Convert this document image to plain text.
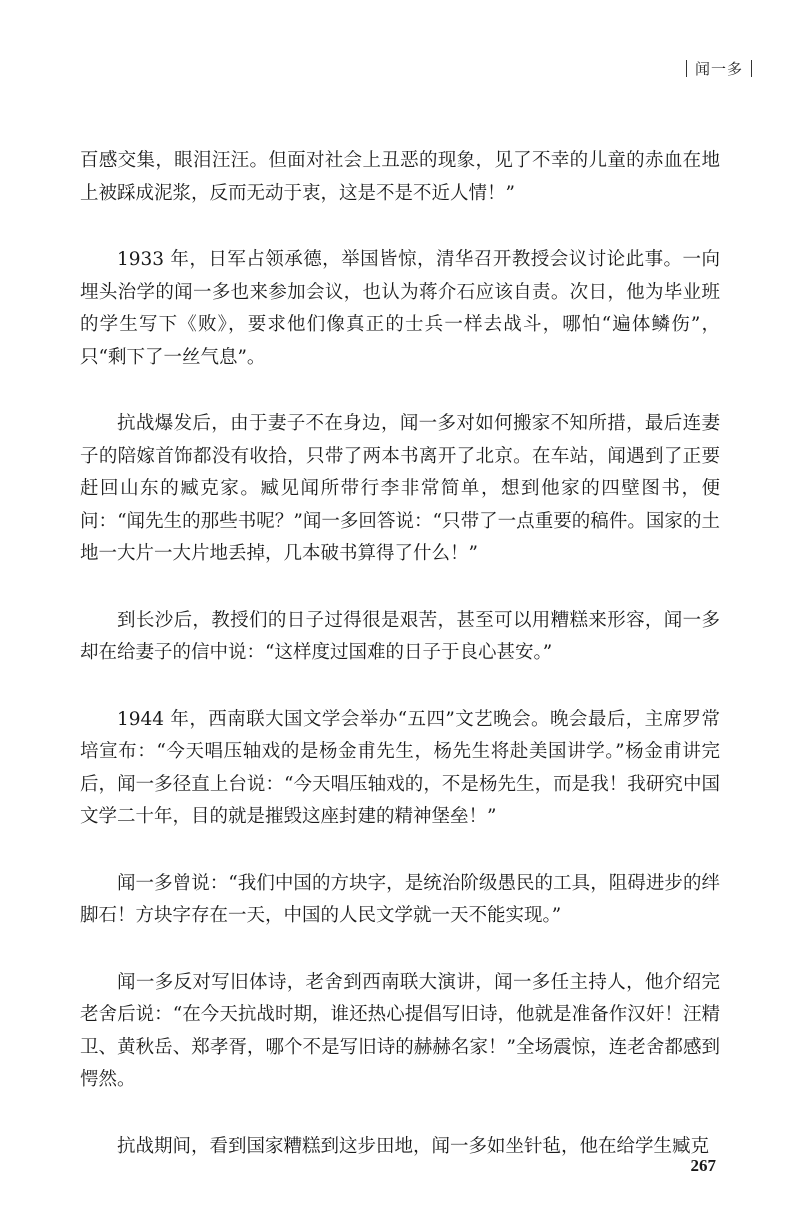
闻一多

百感交集，眼泪汪汪。但面对社会上丑恶的现象，见了不幸的儿童的赤血在地上被踩成泥浆，反而无动于衷，这是不是不近人情！”

1933 年，日军占领承德，举国皆惊，清华召开教授会议讨论此事。一向埋头治学的闻一多也来参加会议，也认为蒋介石应该自责。次日，他为毕业班的学生写下《败》，要求他们像真正的士兵一样去战斗，哪怕“遍体鳞伤”，只“剩下了一丝气息”。

抗战爆发后，由于妻子不在身边，闻一多对如何搬家不知所措，最后连妻子的陪嫁首饰都没有收拾，只带了两本书离开了北京。在车站，闻遇到了正要赶回山东的臧克家。臧见闻所带行李非常简单，想到他家的四壁图书，便问：“闻先生的那些书呢？”闻一多回答说：“只带了一点重要的稿件。国家的土地一大片一大片地丢掉，几本破书算得了什么！”

到长沙后，教授们的日子过得很是艰苦，甚至可以用糟糕来形容，闻一多却在给妻子的信中说：“这样度过国难的日子于良心甚安。”

1944 年，西南联大国文学会举办“五四”文艺晚会。晚会最后，主席罗常培宣布：“今天唱压轴戏的是杨金甫先生，杨先生将赴美国讲学。”杨金甫讲完后，闻一多径直上台说：“今天唱压轴戏的，不是杨先生，而是我！我研究中国文学二十年，目的就是摧毁这座封建的精神堡垒！”

闻一多曾说：“我们中国的方块字，是统治阶级愚民的工具，阻碍进步的绊脚石！方块字存在一天，中国的人民文学就一天不能实现。”

闻一多反对写旧体诗，老舍到西南联大演讲，闻一多任主持人，他介绍完老舍后说：“在今天抗战时期，谁还热心提倡写旧诗，他就是准备作汉奸！汪精卫、黄秋岳、郑孝胥，哪个不是写旧诗的赫赫名家！”全场震惊，连老舍都感到愕然。

抗战期间，看到国家糟糕到这步田地，闻一多如坐针毡，他在给学生臧克

267
